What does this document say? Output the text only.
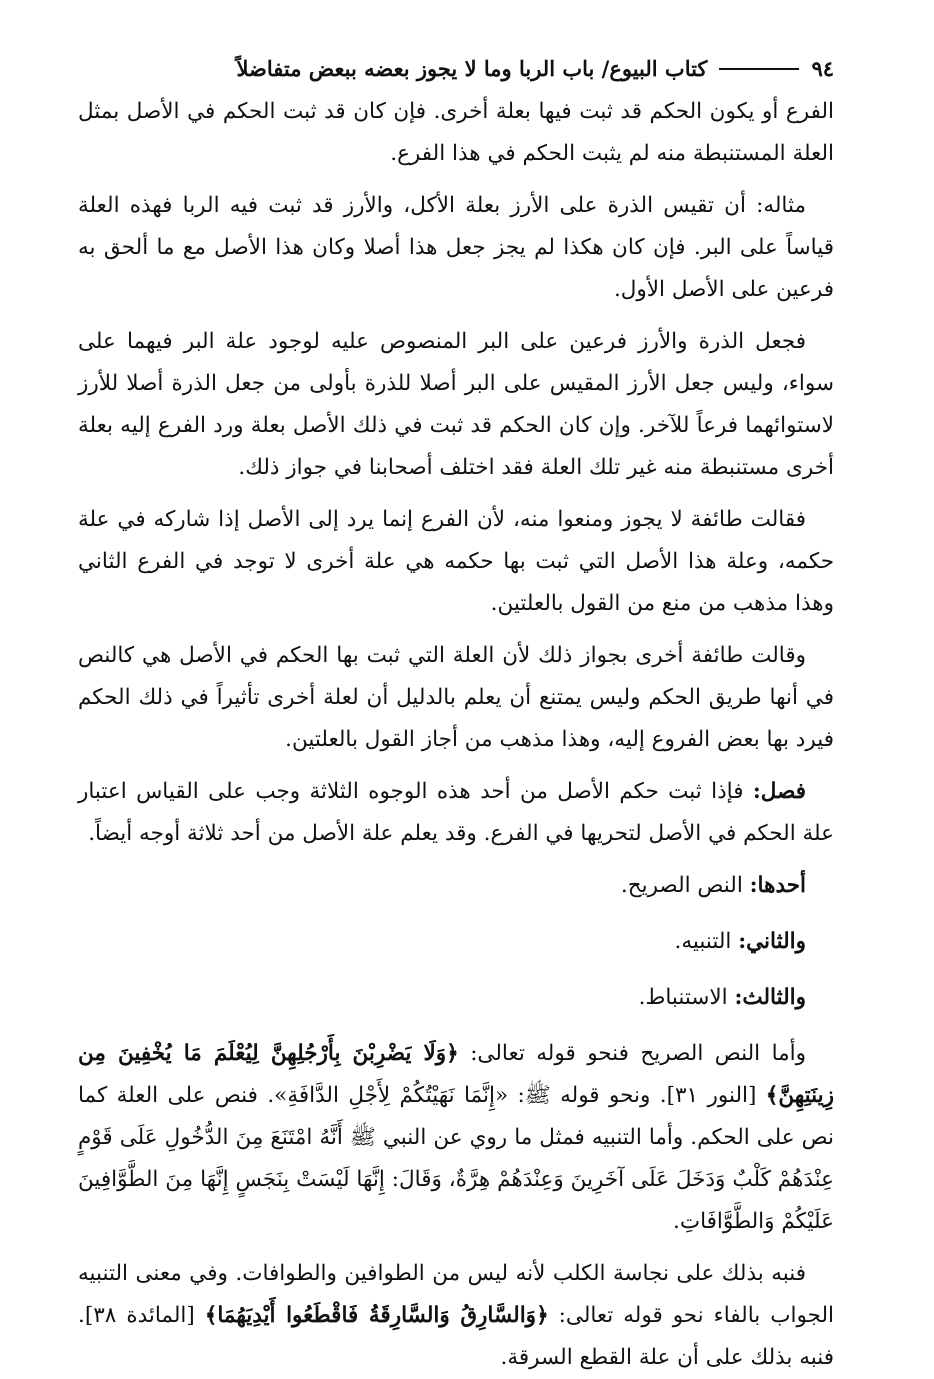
٩٤
كتاب البيوع/ باب الربا وما لا يجوز بعضه ببعض متفاضلاً

الفرع أو يكون الحكم قد ثبت فيها بعلة أخرى. فإن كان قد ثبت الحكم في الأصل بمثل العلة المستنبطة منه لم يثبت الحكم في هذا الفرع.

مثاله: أن تقيس الذرة على الأرز بعلة الأكل، والأرز قد ثبت فيه الربا فهذه العلة قياساً على البر. فإن كان هكذا لم يجز جعل هذا أصلا وكان هذا الأصل مع ما ألحق به فرعين على الأصل الأول.

فجعل الذرة والأرز فرعين على البر المنصوص عليه لوجود علة البر فيهما على سواء، وليس جعل الأرز المقيس على البر أصلا للذرة بأولى من جعل الذرة أصلا للأرز لاستوائهما فرعاً للآخر. وإن كان الحكم قد ثبت في ذلك الأصل بعلة ورد الفرع إليه بعلة أخرى مستنبطة منه غير تلك العلة فقد اختلف أصحابنا في جواز ذلك.

فقالت طائفة لا يجوز ومنعوا منه، لأن الفرع إنما يرد إلى الأصل إذا شاركه في علة حكمه، وعلة هذا الأصل التي ثبت بها حكمه هي علة أخرى لا توجد في الفرع الثاني وهذا مذهب من منع من القول بالعلتين.

وقالت طائفة أخرى بجواز ذلك لأن العلة التي ثبت بها الحكم في الأصل هي كالنص في أنها طريق الحكم وليس يمتنع أن يعلم بالدليل أن لعلة أخرى تأثيراً في ذلك الحكم فيرد بها بعض الفروع إليه، وهذا مذهب من أجاز القول بالعلتين.

فصل: فإذا ثبت حكم الأصل من أحد هذه الوجوه الثلاثة وجب على القياس اعتبار علة الحكم في الأصل لتحريها في الفرع. وقد يعلم علة الأصل من أحد ثلاثة أوجه أيضاً.

أحدها: النص الصريح.

والثاني: التنبيه.

والثالث: الاستنباط.

وأما النص الصريح فنحو قوله تعالى: ﴿وَلَا يَضْرِبْنَ بِأَرْجُلِهِنَّ لِيُعْلَمَ مَا يُخْفِينَ مِن زِينَتِهِنَّ﴾ [النور ٣١]. ونحو قوله ﷺ: «إِنَّمَا نَهَيْتُكُمْ لِأَجْلِ الدَّافَةِ». فنص على العلة كما نص على الحكم. وأما التنبيه فمثل ما روي عن النبي ﷺ أَنَّهُ امْتَنَعَ مِنَ الدُّخُولِ عَلَى قَوْمٍ عِنْدَهُمْ كَلْبٌ وَدَخَلَ عَلَى آخَرِينَ وَعِنْدَهُمْ هِرَّةٌ، وَقَالَ: إِنَّهَا لَيْسَتْ بِنَجَسٍ إِنَّهَا مِنَ الطَّوَّافِينَ عَلَيْكُمْ وَالطَّوَّافَاتِ.

فنبه بذلك على نجاسة الكلب لأنه ليس من الطوافين والطوافات. وفي معنى التنبيه الجواب بالفاء نحو قوله تعالى: ﴿وَالسَّارِقُ وَالسَّارِقَةُ فَاقْطَعُوا أَيْدِيَهُمَا﴾ [المائدة ٣٨]. فنبه بذلك على أن علة القطع السرقة.
